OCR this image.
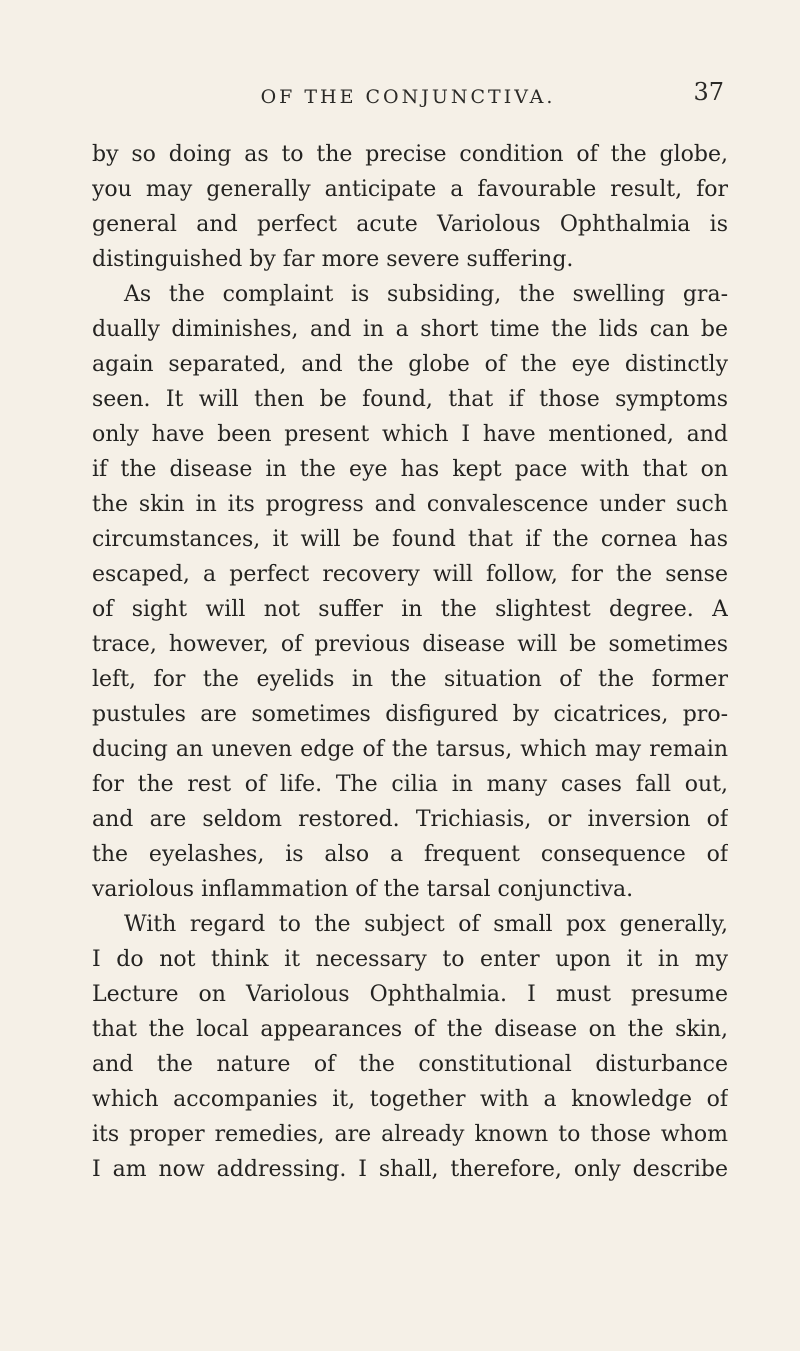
OF THE CONJUNCTIVA.	37
by so doing as to the precise condition of the globe,
you may generally anticipate a favourable result, for
general and perfect acute Variolous Ophthalmia is
distinguished by far more severe suffering.
As the complaint is subsiding, the swelling gra-
dually diminishes, and in a short time the lids can be
again separated, and the globe of the eye distinctly
seen. It will then be found, that if those symptoms
only have been present which I have mentioned, and
if the disease in the eye has kept pace with that on
the skin in its progress and convalescence under such
circumstances, it will be found that if the cornea has
escaped, a perfect recovery will follow, for the sense
of sight will not suffer in the slightest degree. A
trace, however, of previous disease will be sometimes
left, for the eyelids in the situation of the former
pustules are sometimes disfigured by cicatrices, pro-
ducing an uneven edge of the tarsus, which may remain
for the rest of life. The cilia in many cases fall out,
and are seldom restored. Trichiasis, or inversion of
the eyelashes, is also a frequent consequence of
variolous inflammation of the tarsal conjunctiva.
With regard to the subject of small pox generally,
I do not think it necessary to enter upon it in my
Lecture on Variolous Ophthalmia. I must presume
that the local appearances of the disease on the skin,
and the nature of the constitutional disturbance
which accompanies it, together with a knowledge of
its proper remedies, are already known to those whom
I am now addressing. I shall, therefore, only describe
